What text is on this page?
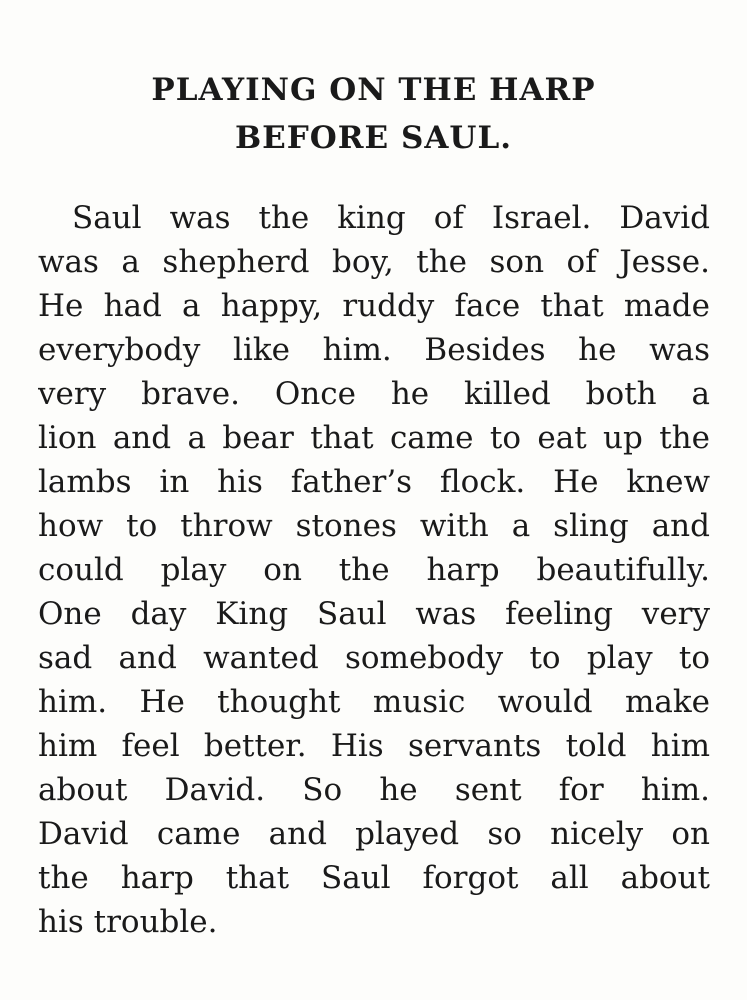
PLAYING ON THE HARP
BEFORE SAUL.
Saul was the king of Israel. David
was a shepherd boy, the son of Jesse.
He had a happy, ruddy face that made
everybody like him. Besides he was
very brave. Once he killed both a
lion and a bear that came to eat up the
lambs in his father’s flock. He knew
how to throw stones with a sling and
could play on the harp beautifully.
One day King Saul was feeling very
sad and wanted somebody to play to
him. He thought music would make
him feel better. His servants told him
about David. So he sent for him.
David came and played so nicely on
the harp that Saul forgot all about
his trouble.
